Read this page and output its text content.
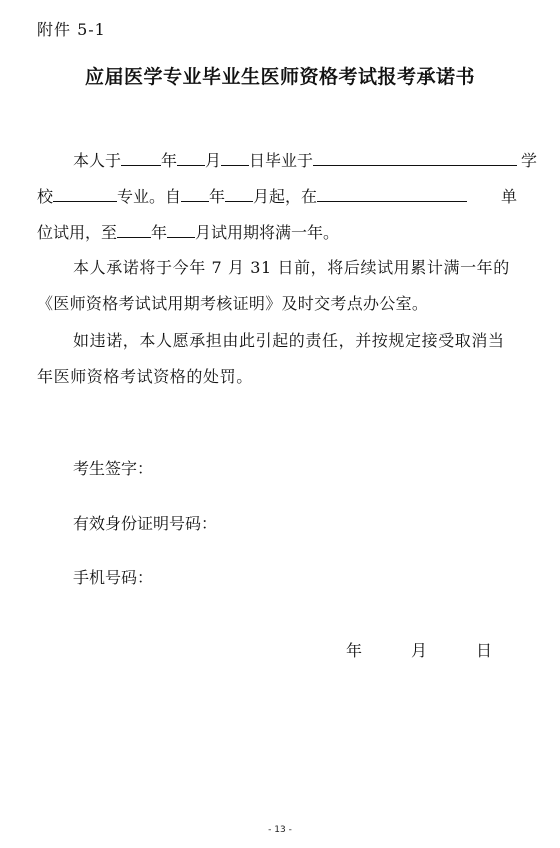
附件 5-1
应届医学专业毕业生医师资格考试报考承诺书
本人于	年 月 日毕业于	学
校	专业。自 年 月起，在	单
位试用，至 年 月试用期将满一年。
本人承诺将于今年 7 月 31 日前，将后续试用累计满一年的
《医师资格考试试用期考核证明》及时交考点办公室。
如违诺，本人愿承担由此引起的责任，并按规定接受取消当
年医师资格考试资格的处罚。
考生签字：
有效身份证明号码：
手机号码：
年	月	日
- 13 -
